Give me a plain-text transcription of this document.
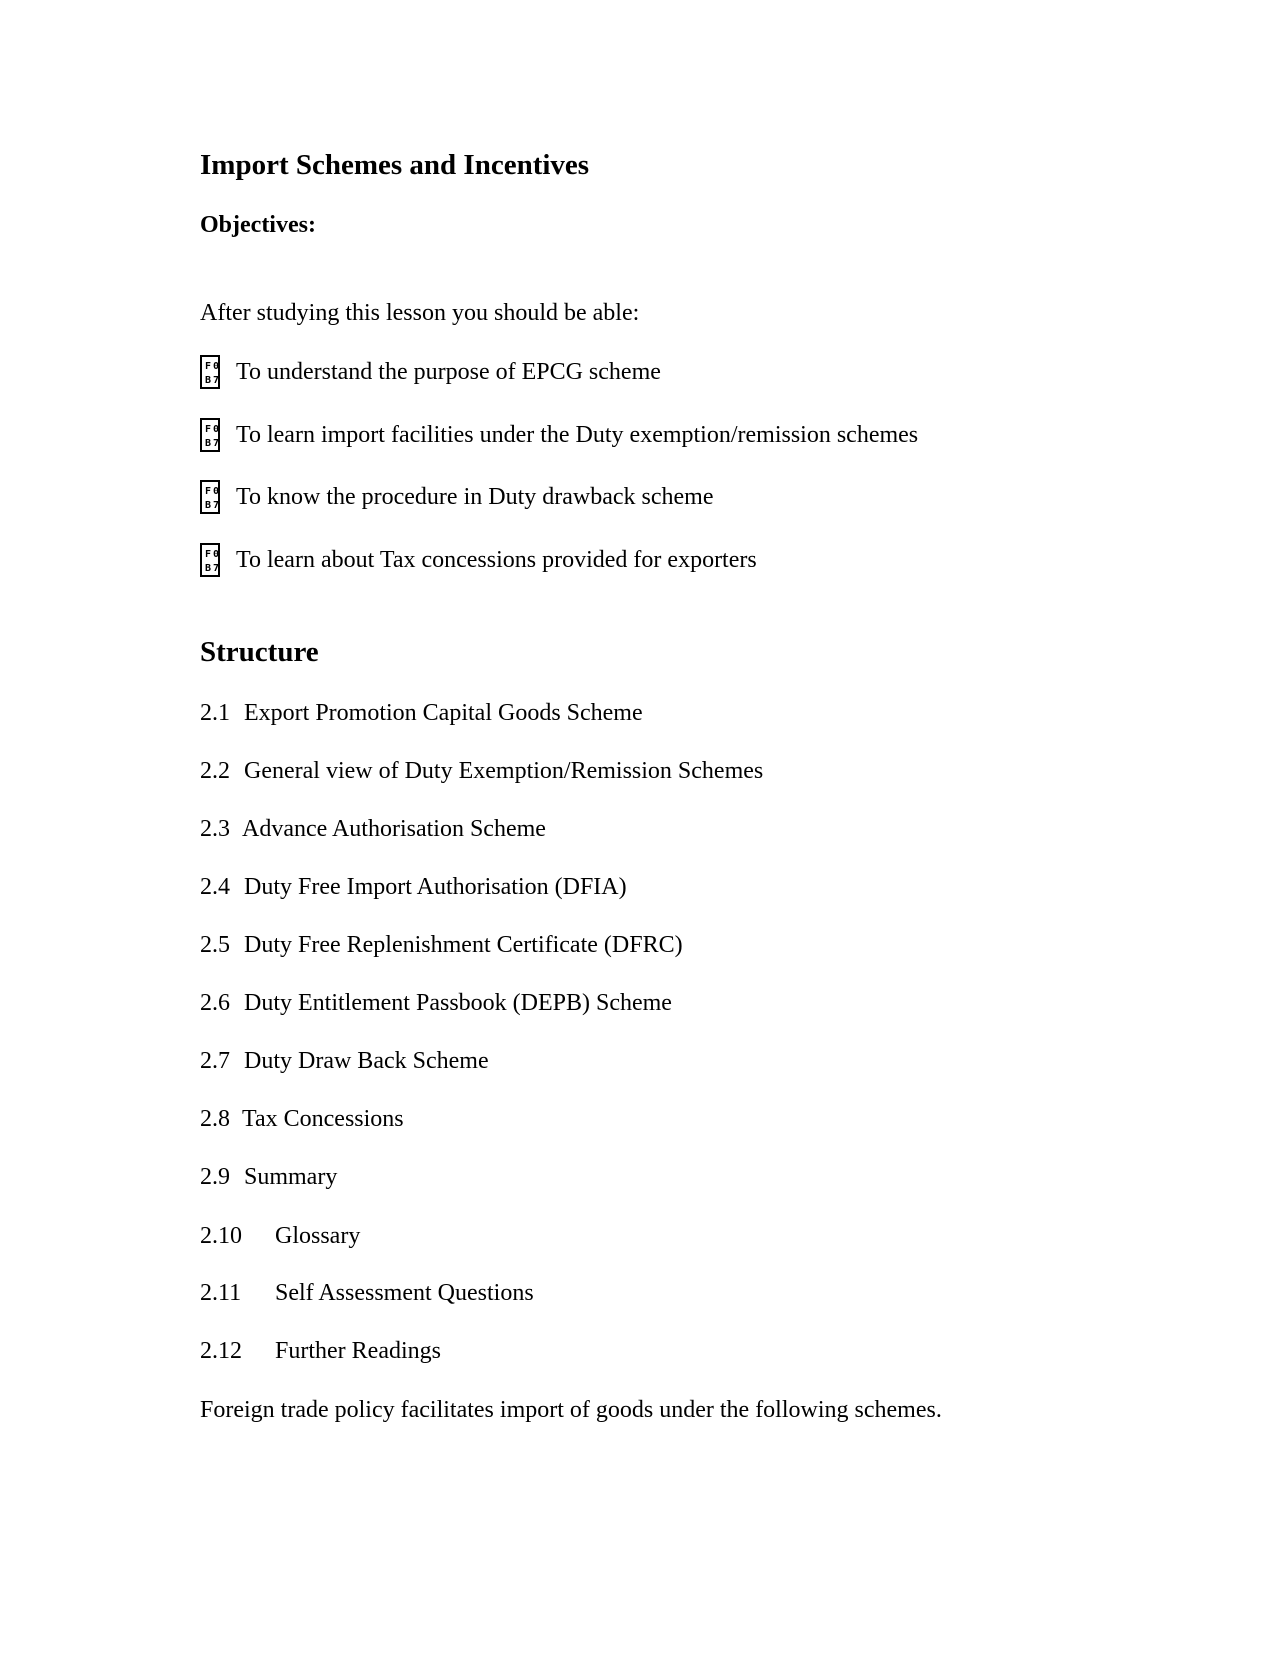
Import Schemes and Incentives
Objectives:
After studying this lesson you should be able:
F 0
B 7 To understand the purpose of EPCG scheme
F 0
B 7 To learn import facilities under the Duty exemption/remission schemes
F 0
B 7 To know the procedure in Duty drawback scheme
F 0
B 7 To learn about Tax concessions provided for exporters
Structure
2.1 Export Promotion Capital Goods Scheme
2.2 General view of Duty Exemption/Remission Schemes
2.3 Advance Authorisation Scheme
2.4 Duty Free Import Authorisation (DFIA)
2.5 Duty Free Replenishment Certificate (DFRC)
2.6 Duty Entitlement Passbook (DEPB) Scheme
2.7 Duty Draw Back Scheme
2.8 Tax Concessions
2.9 Summary
2.10 Glossary
2.11 Self Assessment Questions
2.12 Further Readings
Foreign trade policy facilitates import of goods under the following schemes.
